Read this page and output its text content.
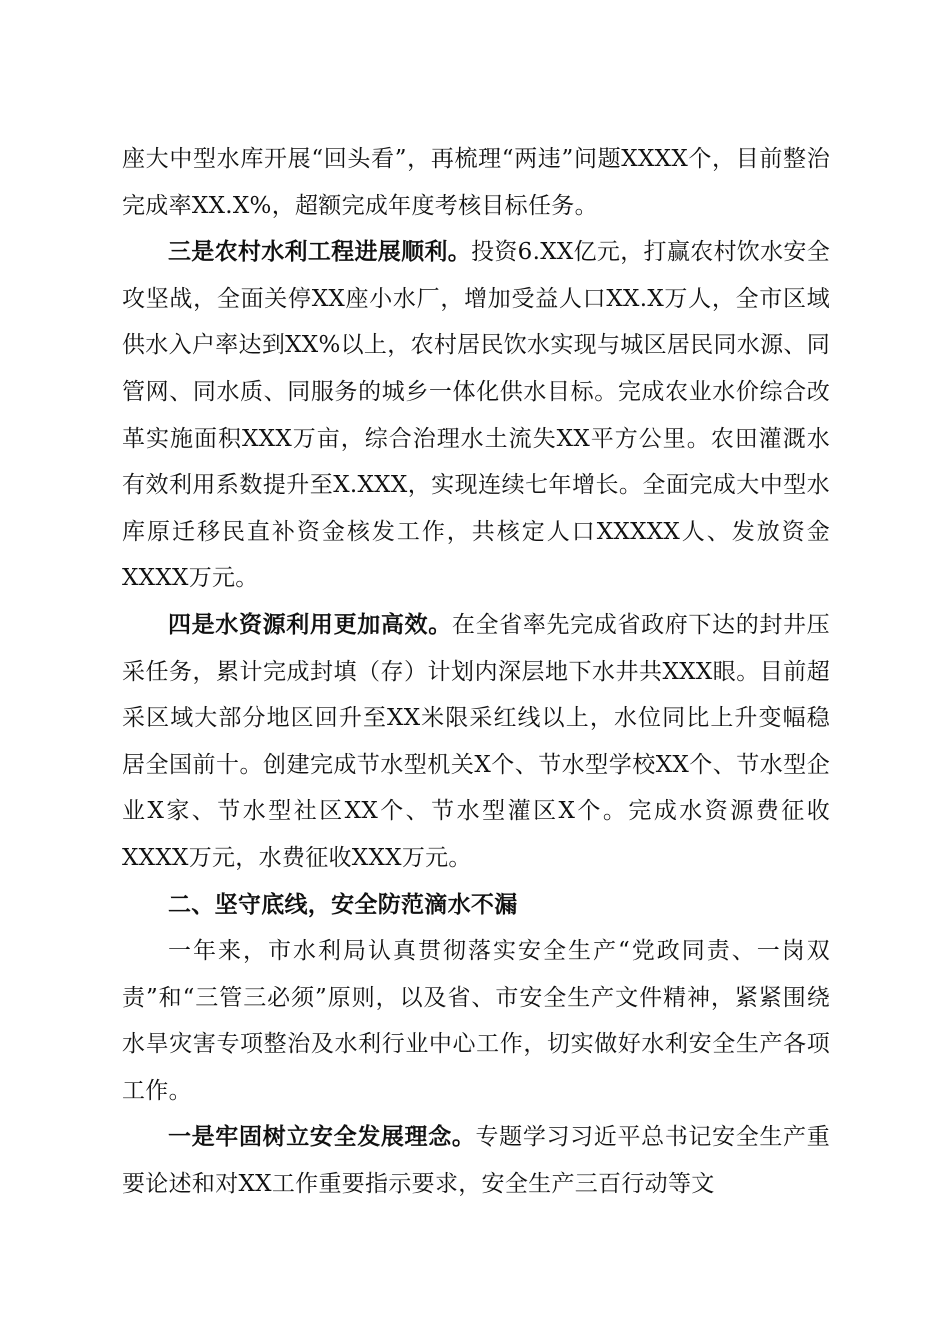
座大中型水库开展“回头看”，再梳理“两违”问题XXXX个，目前整治完成率XX.X%，超额完成年度考核目标任务。

三是农村水利工程进展顺利。投资6.XX亿元，打赢农村饮水安全攻坚战，全面关停XX座小水厂，增加受益人口XX.X万人，全市区域供水入户率达到XX%以上，农村居民饮水实现与城区居民同水源、同管网、同水质、同服务的城乡一体化供水目标。完成农业水价综合改革实施面积XXX万亩，综合治理水土流失XX平方公里。农田灌溉水有效利用系数提升至X.XXX，实现连续七年增长。全面完成大中型水库原迁移民直补资金核发工作，共核定人口XXXXX人、发放资金XXXX万元。

四是水资源利用更加高效。在全省率先完成省政府下达的封井压采任务，累计完成封填（存）计划内深层地下水井共XXX眼。目前超采区域大部分地区回升至XX米限采红线以上，水位同比上升变幅稳居全国前十。创建完成节水型机关X个、节水型学校XX个、节水型企业X家、节水型社区XX个、节水型灌区X个。完成水资源费征收XXXX万元，水费征收XXX万元。

二、坚守底线，安全防范滴水不漏

一年来，市水利局认真贯彻落实安全生产“党政同责、一岗双责”和“三管三必须”原则，以及省、市安全生产文件精神，紧紧围绕水旱灾害专项整治及水利行业中心工作，切实做好水利安全生产各项工作。

一是牢固树立安全发展理念。专题学习习近平总书记安全生产重要论述和对XX工作重要指示要求，安全生产三百行动等文
